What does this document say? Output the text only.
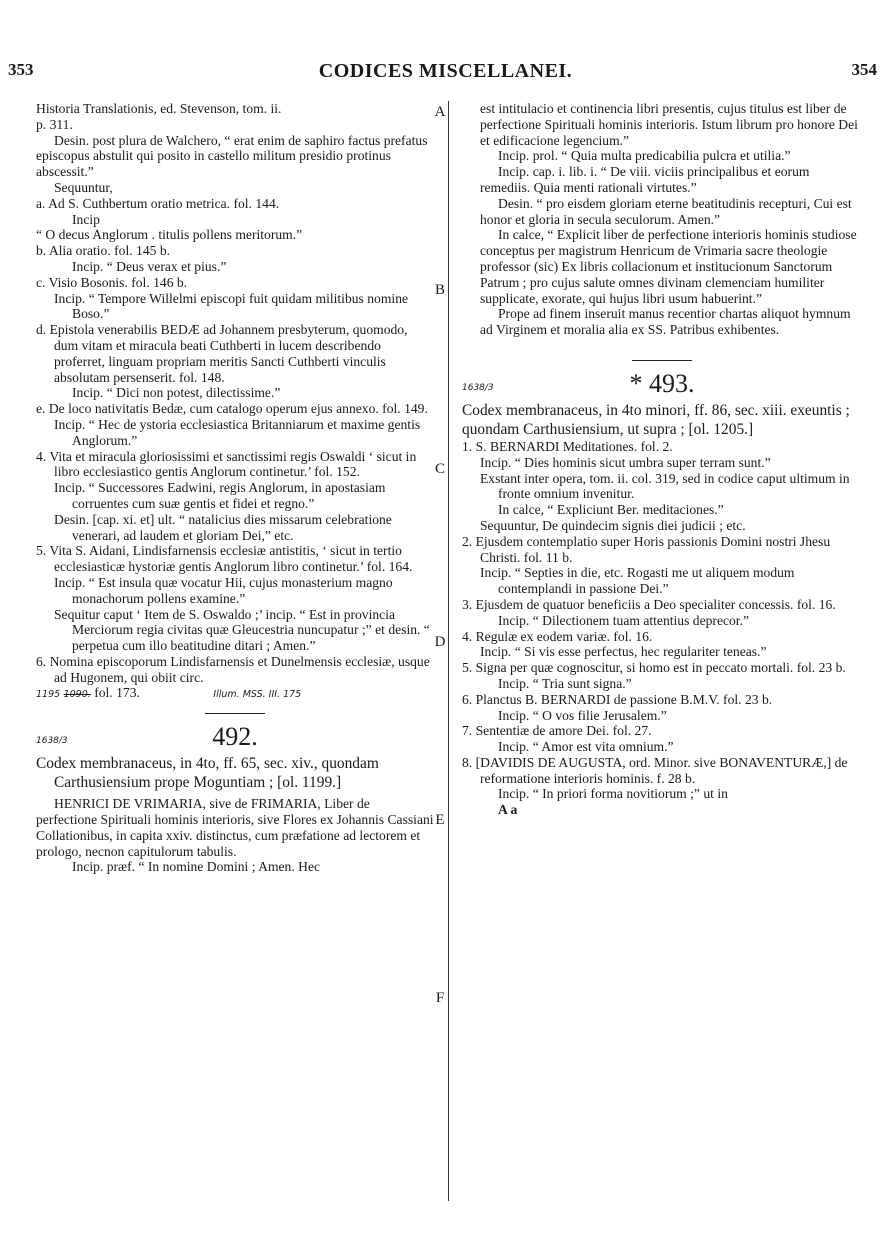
353	CODICES MISCELLANEI.	354
A
B
C
D
E
F

Historia Translationis, ed. Stevenson, tom. ii.

p. 311.

Desin. post plura de Walchero, “ erat enim de saphiro factus prefatus episcopus abstulit qui posito in castello militum presidio protinus abscessit.”

Sequuntur,

a. Ad S. Cuthbertum oratio metrica. fol. 144.

Incip

“ O decus Anglorum . titulis pollens meritorum.”

b. Alia oratio. fol. 145 b.

Incip. “ Deus verax et pius.”

c. Visio Bosonis. fol. 146 b.

Incip. “ Tempore Willelmi episcopi fuit quidam militibus nomine Boso.”

d. Epistola venerabilis BEDÆ ad Johannem presbyterum, quomodo, dum vitam et miracula beati Cuthberti in lucem describendo proferret, linguam propriam meritis Sancti Cuthberti vinculis absolutam persenserit. fol. 148.

Incip. “ Dici non potest, dilectissime.”

e. De loco nativitatis Bedæ, cum catalogo operum ejus annexo. fol. 149.

Incip. “ Hec de ystoria ecclesiastica Britanniarum et maxime gentis Anglorum.”

4. Vita et miracula gloriosissimi et sanctissimi regis Oswaldi ‘ sicut in libro ecclesiastico gentis Anglorum continetur.’ fol. 152.

Incip. “ Successores Eadwini, regis Anglorum, in apostasiam corruentes cum suæ gentis et fidei et regno.”

Desin. [cap. xi. et] ult. “ natalicius dies missarum celebratione venerari, ad laudem et gloriam Dei,” etc.

5. Vita S. Aidani, Lindisfarnensis ecclesiæ antistitis, ‘ sicut in tertio ecclesiasticæ hystoriæ gentis Anglorum libro continetur.’ fol. 164.

Incip. “ Est insula quæ vocatur Hii, cujus monasterium magno monachorum pollens examine.”

Sequitur caput ‘ Item de S. Oswaldo ;’ incip. “ Est in provincia Merciorum regia civitas quæ Gleucestria nuncupatur ;” et desin. “ perpetua cum illo beatitudine ditari ; Amen.”

6. Nomina episcoporum Lindisfarnensis et Dunelmensis ecclesiæ, usque ad Hugonem, qui obiit circ.

1195 1090. fol. 173.	Illum. MSS. III. 175

1638/3	492.

Codex membranaceus, in 4to, ff. 65, sec. xiv., quondam Carthusiensium prope Moguntiam ; [ol. 1199.]

HENRICI DE VRIMARIA, sive de FRIMARIA, Liber de perfectione Spirituali hominis interioris, sive Flores ex Johannis Cassiani Collationibus, in capita xxiv. distinctus, cum præfatione ad lectorem et prologo, necnon capitulorum tabulis.

Incip. præf. “ In nomine Domini ; Amen. Hec

est intitulacio et continencia libri presentis, cujus titulus est liber de perfectione Spirituali hominis interioris. Istum librum pro honore Dei et edificacione legencium.”

Incip. prol. “ Quia multa predicabilia pulcra et utilia.”

Incip. cap. i. lib. i. “ De viii. viciis principalibus et eorum remediis. Quia menti rationali virtutes.”

Desin. “ pro eisdem gloriam eterne beatitudinis recepturi, Cui est honor et gloria in secula seculorum. Amen.”

In calce, “ Explicit liber de perfectione interioris hominis studiose conceptus per magistrum Henricum de Vrimaria sacre theologie professor (sic) Ex libris collacionum et institucionum Sanctorum Patrum ; pro cujus salute omnes divinam clemenciam humiliter supplicate, exorate, qui hujus libri usum habuerint.”

Prope ad finem inseruit manus recentior chartas aliquot hymnum ad Virginem et moralia alia ex SS. Patribus exhibentes.

1638/3	* 493.

Codex membranaceus, in 4to minori, ff. 86, sec. xiii. exeuntis ; quondam Carthusiensium, ut supra ; [ol. 1205.]

1. S. BERNARDI Meditationes. fol. 2.

Incip. “ Dies hominis sicut umbra super terram sunt.”

Exstant inter opera, tom. ii. col. 319, sed in codice caput ultimum in fronte omnium invenitur.

In calce, “ Expliciunt Ber. meditaciones.”

Sequuntur, De quindecim signis diei judicii ; etc.

2. Ejusdem contemplatio super Horis passionis Domini nostri Jhesu Christi. fol. 11 b.

Incip. “ Septies in die, etc. Rogasti me ut aliquem modum contemplandi in passione Dei.”

3. Ejusdem de quatuor beneficiis a Deo specialiter concessis. fol. 16.

Incip. “ Dilectionem tuam attentius deprecor.”

4. Regulæ ex eodem variæ. fol. 16.

Incip. “ Si vis esse perfectus, hec regulariter teneas.”

5. Signa per quæ cognoscitur, si homo est in peccato mortali. fol. 23 b.

Incip. “ Tria sunt signa.”

6. Planctus B. BERNARDI de passione B.M.V. fol. 23 b.

Incip. “ O vos filie Jerusalem.”

7. Sententiæ de amore Dei. fol. 27.

Incip. “ Amor est vita omnium.”

8. [DAVIDIS DE AUGUSTA, ord. Minor. sive BONAVENTURÆ,] de reformatione interioris hominis. f. 28 b.

Incip. “ In priori forma novitiorum ;” ut in

A a
